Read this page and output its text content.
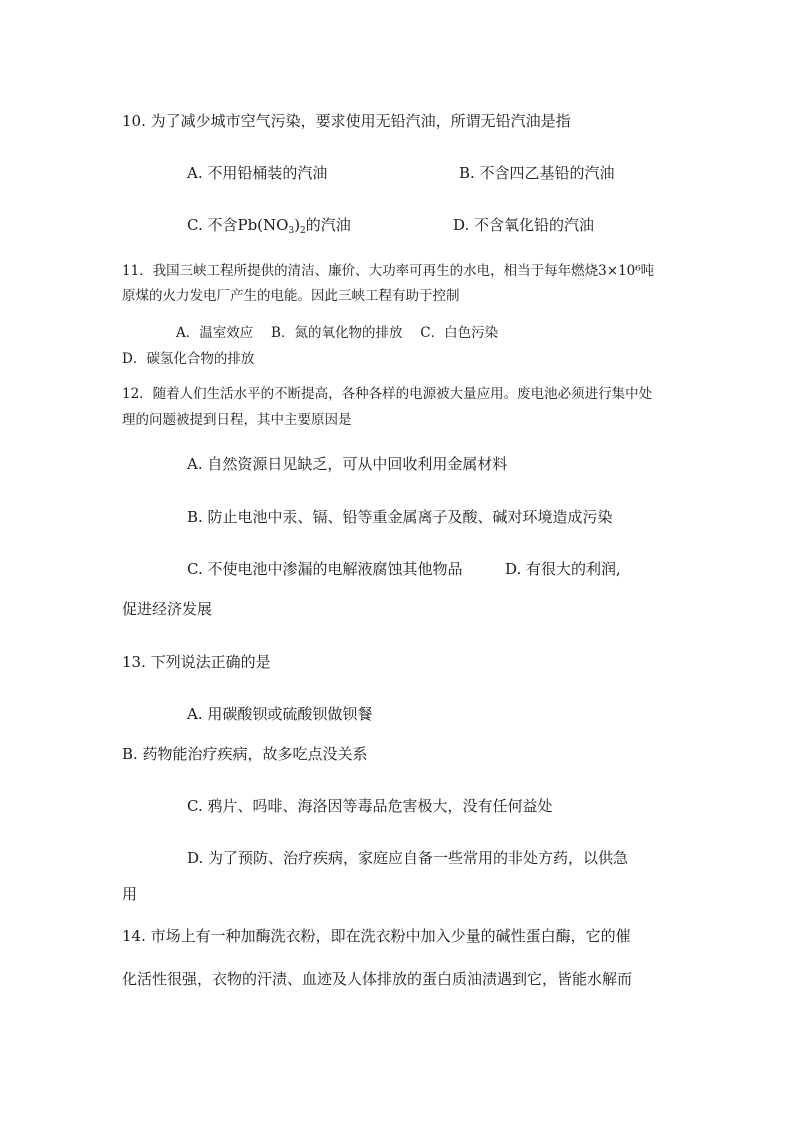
10. 为了减少城市空气污染，要求使用无铅汽油，所谓无铅汽油是指
A. 不用铅桶装的汽油	B. 不含四乙基铅的汽油
C. 不含$Pb(NO_3)_2$的汽油	D. 不含氧化铅的汽油
11．我国三峡工程所提供的清洁、廉价、大功率可再生的水电，相当于每年燃烧3×10⁶吨
原煤的火力发电厂产生的电能。因此三峡工程有助于控制
A．温室效应　 B．氮的氧化物的排放　 C．白色污染
D．碳氢化合物的排放
12．随着人们生活水平的不断提高，各种各样的电源被大量应用。废电池必须进行集中处
理的问题被提到日程，其中主要原因是
A. 自然资源日见缺乏，可从中回收利用金属材料
B. 防止电池中汞、镉、铅等重金属离子及酸、碱对环境造成污染
C. 不使电池中渗漏的电解液腐蚀其他物品	D. 有很大的利润,
促进经济发展
13. 下列说法正确的是
A. 用碳酸钡或硫酸钡做钡餐
B. 药物能治疗疾病，故多吃点没关系
C. 鸦片、吗啡、海洛因等毒品危害极大，没有任何益处
D. 为了预防、治疗疾病，家庭应自备一些常用的非处方药，以供急
用
14. 市场上有一种加酶洗衣粉，即在洗衣粉中加入少量的碱性蛋白酶，它的催
化活性很强，衣物的汗渍、血迹及人体排放的蛋白质油渍遇到它，皆能水解而
